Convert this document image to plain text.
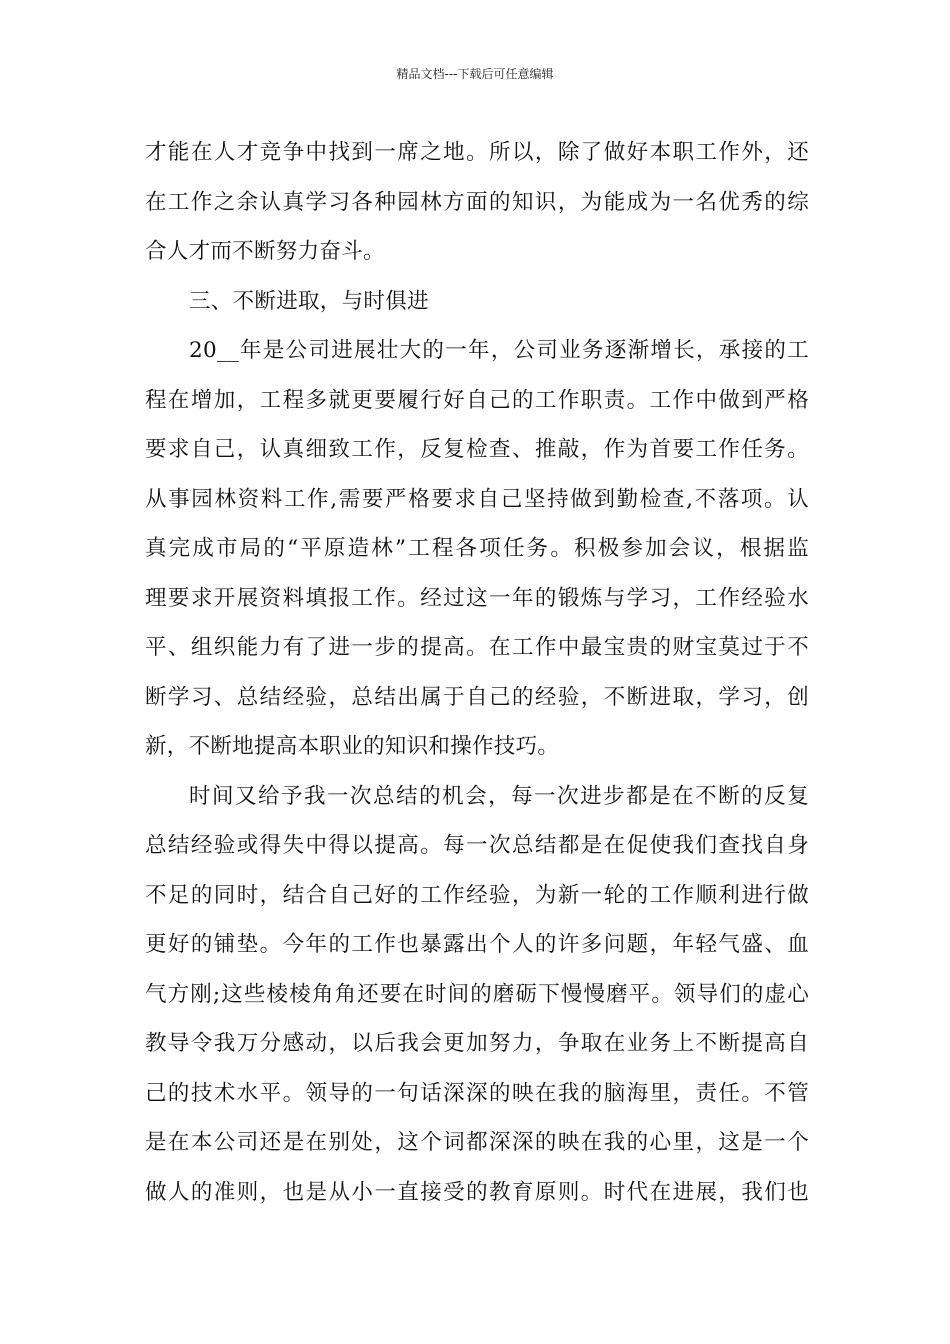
精品文档---下载后可任意编辑
才能在人才竞争中找到一席之地。所以，除了做好本职工作外，还
在工作之余认真学习各种园林方面的知识，为能成为一名优秀的综
合人才而不断努力奋斗。
三、不断进取，与时俱进
20__年是公司进展壮大的一年，公司业务逐渐增长，承接的工
程在增加，工程多就更要履行好自己的工作职责。工作中做到严格
要求自己，认真细致工作，反复检查、推敲，作为首要工作任务。
从事园林资料工作,需要严格要求自己坚持做到勤检查,不落项。认
真完成市局的“平原造林”工程各项任务。积极参加会议，根据监
理要求开展资料填报工作。经过这一年的锻炼与学习，工作经验水
平、组织能力有了进一步的提高。在工作中最宝贵的财宝莫过于不
断学习、总结经验，总结出属于自己的经验，不断进取，学习，创
新，不断地提高本职业的知识和操作技巧。
时间又给予我一次总结的机会，每一次进步都是在不断的反复
总结经验或得失中得以提高。每一次总结都是在促使我们查找自身
不足的同时，结合自己好的工作经验，为新一轮的工作顺利进行做
更好的铺垫。今年的工作也暴露出个人的许多问题，年轻气盛、血
气方刚;这些棱棱角角还要在时间的磨砺下慢慢磨平。领导们的虚心
教导令我万分感动，以后我会更加努力，争取在业务上不断提高自
己的技术水平。领导的一句话深深的映在我的脑海里，责任。不管
是在本公司还是在别处，这个词都深深的映在我的心里，这是一个
做人的准则，也是从小一直接受的教育原则。时代在进展，我们也
